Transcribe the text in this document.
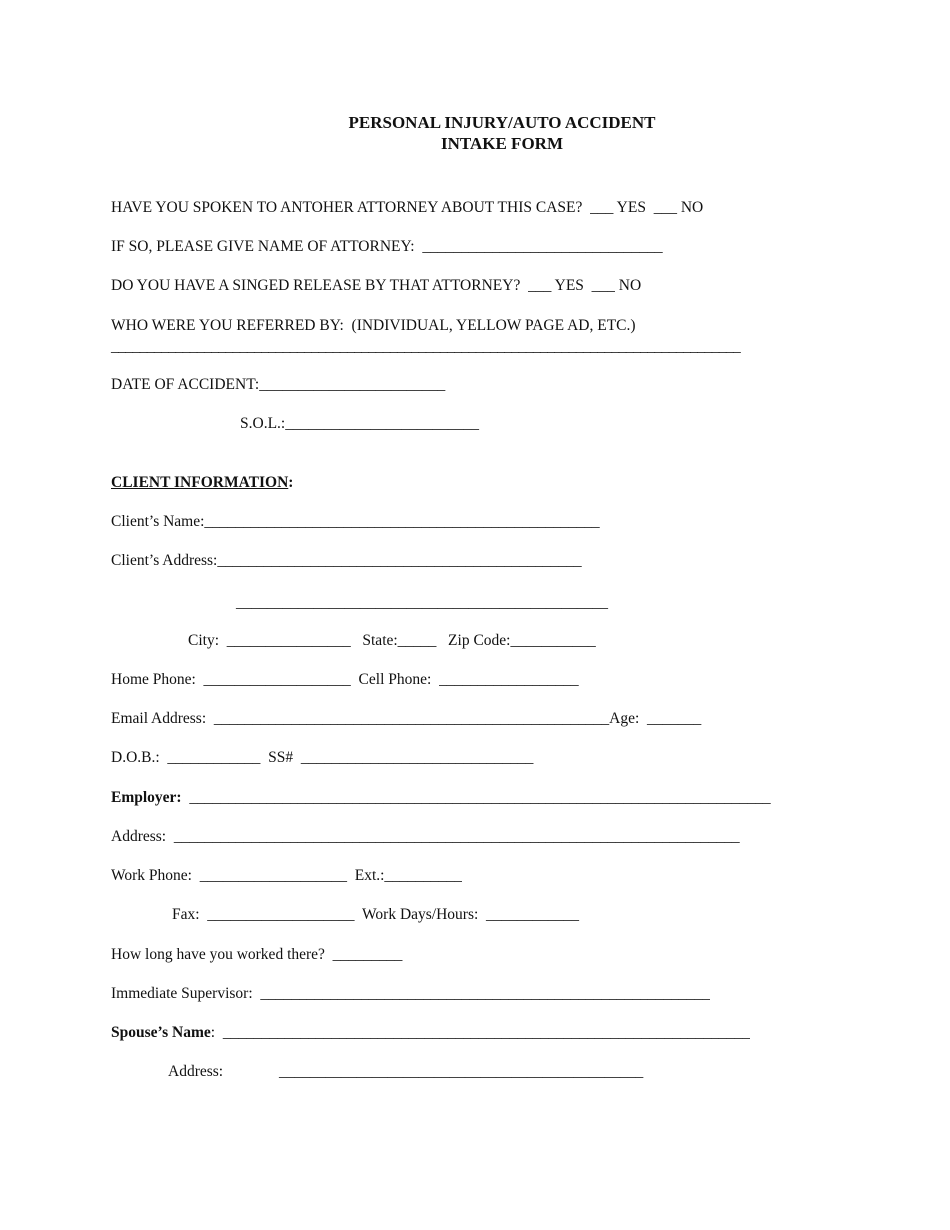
PERSONAL INJURY/AUTO ACCIDENT
INTAKE FORM
HAVE YOU SPOKEN TO ANTOHER ATTORNEY ABOUT THIS CASE?  ___ YES  ___ NO
IF SO, PLEASE GIVE NAME OF ATTORNEY:  _______________________________
DO YOU HAVE A SINGED RELEASE BY THAT ATTORNEY?  ___ YES  ___ NO
WHO WERE YOU REFERRED BY:  (INDIVIDUAL, YELLOW PAGE AD, ETC.)
________________________________________________________________________________________
DATE OF ACCIDENT:________________________
S.O.L.:_________________________
CLIENT INFORMATION:
Client’s Name:___________________________________________________
Client’s Address:_______________________________________________
________________________________________________
City:  ________________   State:_____   Zip Code:___________
Home Phone:  ___________________  Cell Phone:  __________________
Email Address:  ___________________________________________________Age:  _______
D.O.B.:  ____________  SS#  ______________________________
Employer:  ___________________________________________________________________________
Address:  _________________________________________________________________________
Work Phone:  ___________________  Ext.:__________
Fax:  ___________________  Work Days/Hours:  ____________
How long have you worked there?  _________
Immediate Supervisor:  __________________________________________________________
Spouse’s Name:  ____________________________________________________________________
Address:	_______________________________________________
